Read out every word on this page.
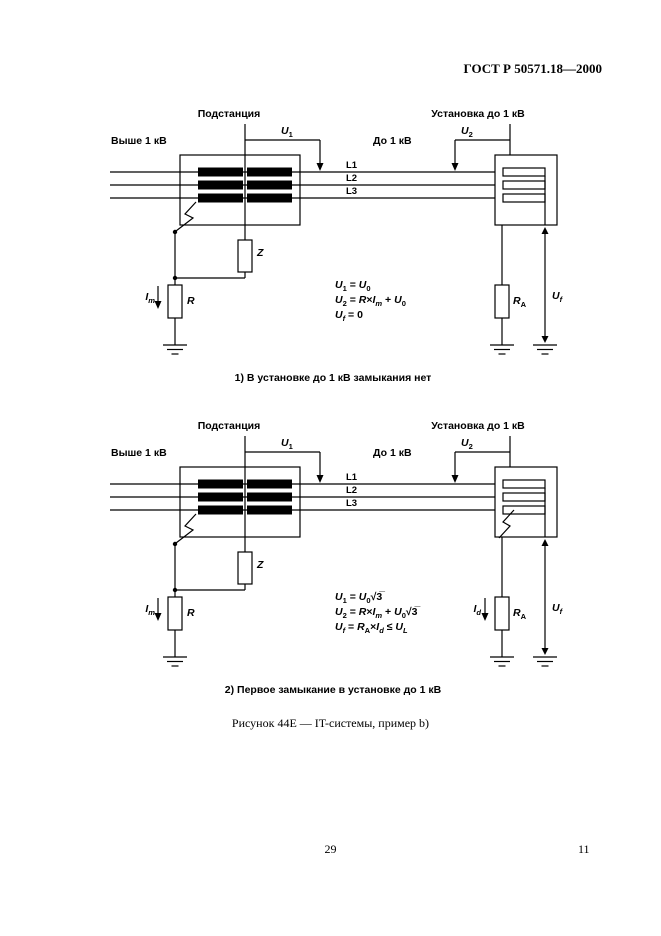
ГОСТ Р 50571.18—2000
Подстанция	Установка до 1 кВ
Выше 1 кВ	До 1 кВ
$U_1$	$U_2$
L1
L2
L3
Z
R
$I_m$	$R_A$
$U_f$
$U_1 = U_0$
$U_2 = R\times I_m + U_0$
$U_f = 0$
1) В установке до 1 кВ замыкания нет
Подстанция	Установка до 1 кВ
Выше 1 кВ	До 1 кВ
$U_1$	$U_2$
L1
L2
L3
Z
R
$I_m$	$I_d$	$R_A$
$U_f$
$U_1$ = $U_0√3̅$
$U_2 = R\times I_m$ + $U_0√3̅$
$U_f = R_A\times I_d \le U_L$
2) Первое замыкание в установке до 1 кВ
Рисунок 44Е — IT-системы, пример b)
29	11
